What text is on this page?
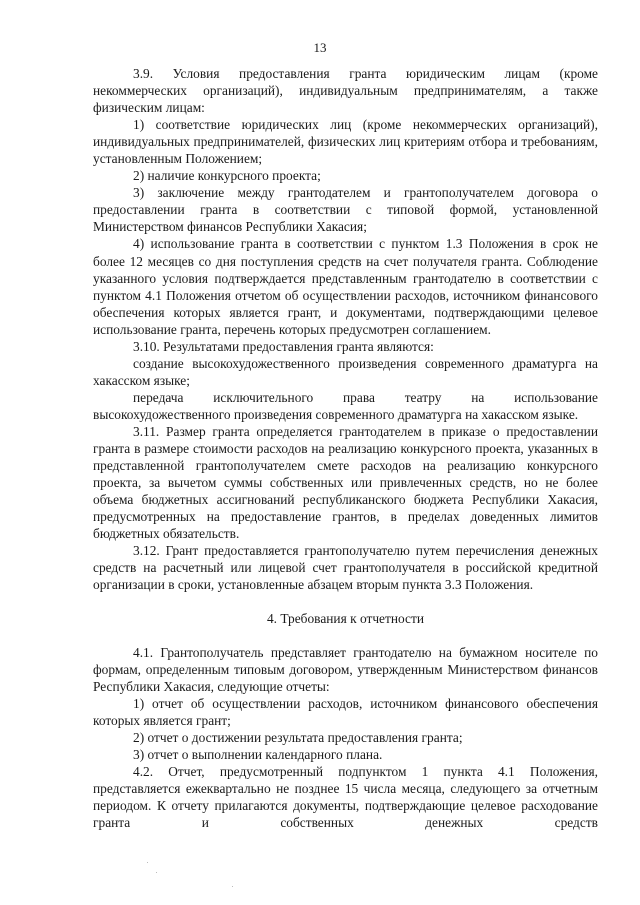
13

3.9. Условия предоставления гранта юридическим лицам (кроме некоммерческих организаций), индивидуальным предпринимателям, а также физическим лицам:

1) соответствие юридических лиц (кроме некоммерческих организаций), индивидуальных предпринимателей, физических лиц критериям отбора и требованиям, установленным Положением;

2) наличие конкурсного проекта;

3) заключение между грантодателем и грантополучателем договора о предоставлении гранта в соответствии с типовой формой, установленной Министерством финансов Республики Хакасия;

4) использование гранта в соответствии с пунктом 1.3 Положения в срок не более 12 месяцев со дня поступления средств на счет получателя гранта. Соблюдение указанного условия подтверждается представленным грантодателю в соответствии с пунктом 4.1 Положения отчетом об осуществлении расходов, источником финансового обеспечения которых является грант, и документами, подтверждающими целевое использование гранта, перечень которых предусмотрен соглашением.

3.10. Результатами предоставления гранта являются:

создание высокохудожественного произведения современного драматурга на хакасском языке;

передача исключительного права театру на использование высокохудожественного произведения современного драматурга на хакасском языке.

3.11. Размер гранта определяется грантодателем в приказе о предоставлении гранта в размере стоимости расходов на реализацию конкурсного проекта, указанных в представленной грантополучателем смете расходов на реализацию конкурсного проекта, за вычетом суммы собственных или привлеченных средств, но не более объема бюджетных ассигнований республиканского бюджета Республики Хакасия, предусмотренных на предоставление грантов, в пределах доведенных лимитов бюджетных обязательств.

3.12. Грант предоставляется грантополучателю путем перечисления денежных средств на расчетный или лицевой счет грантополучателя в российской кредитной организации в сроки, установленные абзацем вторым пункта 3.3 Положения.

4. Требования к отчетности

4.1. Грантополучатель представляет грантодателю на бумажном носителе по формам, определенным типовым договором, утвержденным Министерством финансов Республики Хакасия, следующие отчеты:

1) отчет об осуществлении расходов, источником финансового обеспечения которых является грант;

2) отчет о достижении результата предоставления гранта;

3) отчет о выполнении календарного плана.

4.2. Отчет, предусмотренный подпунктом 1 пункта 4.1 Положения, представляется ежеквартально не позднее 15 числа месяца, следующего за отчетным периодом. К отчету прилагаются документы, подтверждающие целевое расходование гранта и собственных денежных средств
